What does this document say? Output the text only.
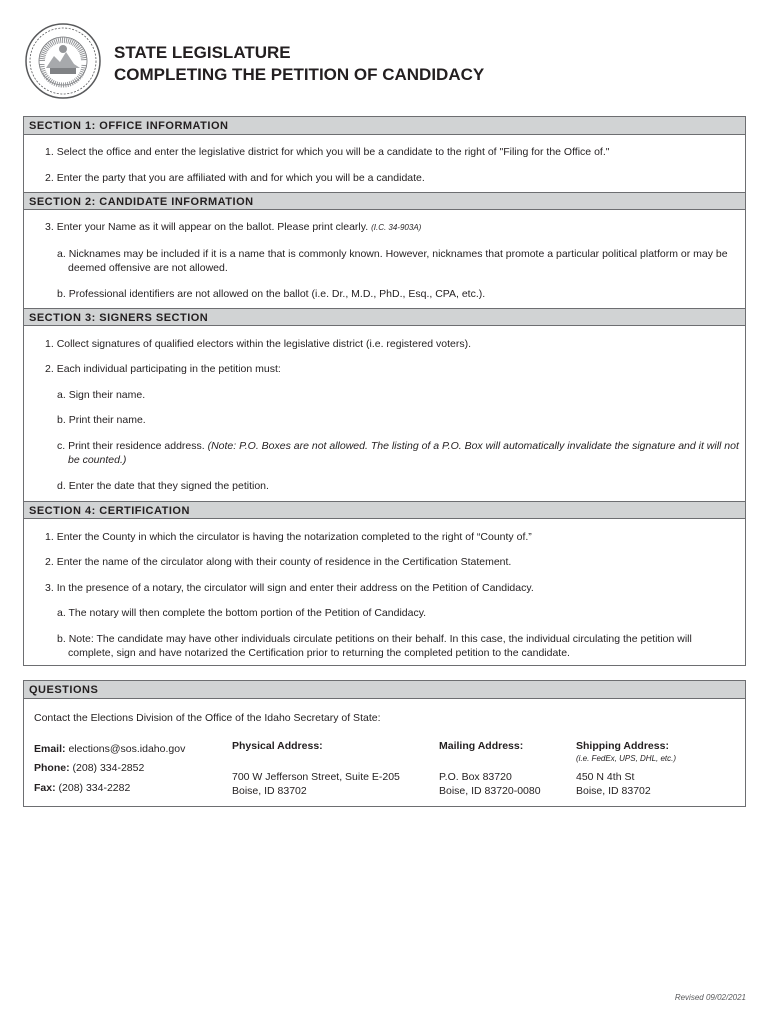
STATE LEGISLATURE
COMPLETING THE PETITION OF CANDIDACY
SECTION 1: OFFICE INFORMATION
1. Select the office and enter the legislative district for which you will be a candidate to the right of "Filing for the Office of."
2. Enter the party that you are affiliated with and for which you will be a candidate.
SECTION 2: CANDIDATE INFORMATION
3. Enter your Name as it will appear on the ballot. Please print clearly. (I.C. 34-903A)
a. Nicknames may be included if it is a name that is commonly known. However, nicknames that promote a particular political platform or may be deemed offensive are not allowed.
b. Professional identifiers are not allowed on the ballot (i.e. Dr., M.D., PhD., Esq., CPA, etc.).
SECTION 3: SIGNERS SECTION
1. Collect signatures of qualified electors within the legislative district (i.e. registered voters).
2. Each individual participating in the petition must:
a. Sign their name.
b. Print their name.
c. Print their residence address. (Note: P.O. Boxes are not allowed. The listing of a P.O. Box will automatically invalidate the signature and it will not be counted.)
d. Enter the date that they signed the petition.
SECTION 4: CERTIFICATION
1. Enter the County in which the circulator is having the notarization completed to the right of “County of.”
2. Enter the name of the circulator along with their county of residence in the Certification Statement.
3. In the presence of a notary, the circulator will sign and enter their address on the Petition of Candidacy.
a. The notary will then complete the bottom portion of the Petition of Candidacy.
b. Note: The candidate may have other individuals circulate petitions on their behalf. In this case, the individual circulating the petition will complete, sign and have notarized the Certification prior to returning the completed petition to the candidate.
QUESTIONS
Contact the Elections Division of the Office of the Idaho Secretary of State:
Email: elections@sos.idaho.gov
Phone: (208) 334-2852
Fax: (208) 334-2282
Physical Address:
700 W Jefferson Street, Suite E-205
Boise, ID 83702
Mailing Address:
P.O. Box 83720
Boise, ID 83720-0080
Shipping Address:
(i.e. FedEx, UPS, DHL, etc.)
450 N 4th St
Boise, ID 83702
Revised 09/02/2021
